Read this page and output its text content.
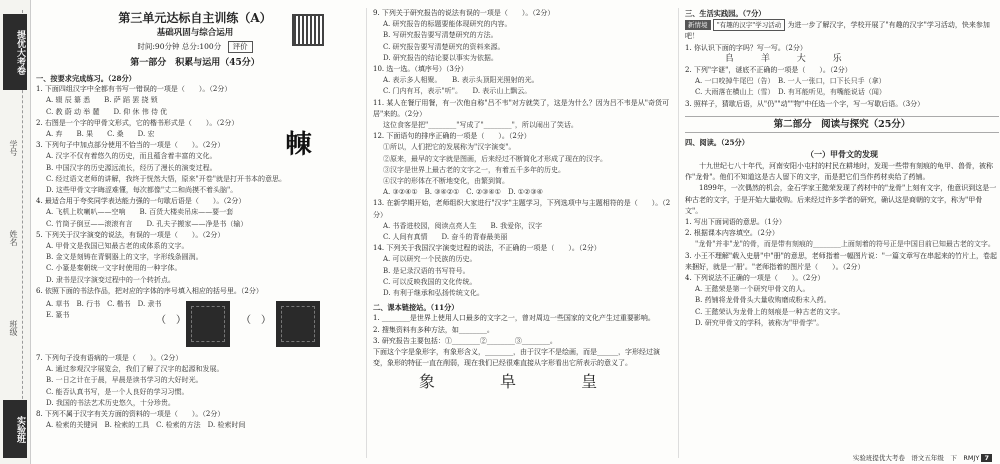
提优大考卷
学号
姓名
班级
实验班
第三单元达标自主训练（A）
基础巩固与综合运用
时间:90分钟 总分:100分 评价
第一部分　积累与运用（45分）
一、按要求完成练习。（28分）
𣌾

1. 下面四组汉字中全都有书写一错误的一项是（　　）。（2分）

A. 辍 辰 纂 悉　　B. 萨 蹈 罢 挠 锁
C. 教 蔚 动 举 麓　　D. 仰 休 伟 侍 优

2. 右图是一个字的甲骨文形式，它的楷书形式是（　　）。（2分）

A. 弃　　B. 果　　C. 桑　　D. 宏

3. 下列句子中加点部分使用不恰当的一项是（　　）。（2分）

A. 汉字不仅有着悠久的历史，而且蕴含着丰富的文化。
B. 中国汉字的历史源远流长，经历了漫长的演变过程。
C. 经过语文老师的讲解，我终于恍然大悟，原来"开卷"就是打开书本的意思。
D. 这些甲骨文字晦涩难懂，每次都像"丈二和尚摸不着头脑"。

4. 最适合用于夸奖同学表达能力强的一句歇后语是（　　）。（2分）

A. 飞机上吹喇叭——空响　　B. 百货大楼卖吊床——要一套
C. 竹筒子倒豆——滚滚有言　　D. 孔夫子搬家——净是书（输）

5. 下列关于汉字演变的说法，有误的一项是（　　）。（2分）

A. 甲骨文是我国已知最古老的成体系的文字。
B. 金文是刻铸在青铜器上的文字，字形线条圆润。
C. 小篆是秦朝统一文字时使用的一种字体。
D. 隶书是汉字演变过程中的一个转折点。

6. 依照下面的书法作品，把对应的字体的序号填入相应的括号里。（2分）

A. 草书　B. 行书　C. 楷书　D. 隶书　E. 篆书	（　）	（　）

7. 下列句子没有语病的一项是（　　）。（2分）

A. 通过参观汉字展览会，我们了解了汉字的起源和发展。
B. 一日之计在于晨，早晨是读书学习的大好时光。
C. 能否认真书写，是一个人良好的学习习惯。
D. 我国的书法艺术历史悠久，十分珍贵。

8. 下列不属于汉字有关方面的资料的一项是（　　）。（2分）

A. 检索的关键词　B. 检索的工具　C. 检索的方法　D. 检索时间

9. 下列关于研究报告的说法有误的一项是（　　）。（2分）

A. 研究报告的标题要能体现研究的内容。
B. 写研究报告要写清楚研究的方法。
C. 研究报告要写清楚研究的资料来源。
D. 研究报告的结论要以事实为依据。

10. 选一选。（填序号）（3分）

A. 表示多人相聚。　　B. 表示头顶阳光照射的光。
C. 门内有耳，表示"听"。　　D. 表示山上飘云。

11. 某人在餐厅用餐，有一次他自称"吕不韦"对方就笑了，这是为什么？因为吕不韦是从"奇货可居"来的。（2分）

这位食客是把"________"写成了"________"，所以闹出了笑话。

12. 下面语句的排序正确的一项是（　　）。（2分）

①所以，人们把它的发展称为"汉字演变"。
②原来，最早的文字就是图画，后来经过不断简化才形成了现在的汉字。
③汉字是世界上最古老的文字之一，有着五千多年的历史。
④汉字的形体在不断地变化，由繁到简。
A. ③②④①　B. ③④②①　C. ②③④①　D. ①②③④

13. 在新学期开始，老师组织大家进行"汉字"主题学习，下列选项中与主题相符的是（　　）。（2分）

A. 书香进校园，阅读点亮人生　　B. 我爱你，汉字
C. 人间有真情　　D. 奋斗的青春最美丽

14. 下列关于我国汉字演变过程的说法，不正确的一项是（　　）。（2分）

A. 可以研究一个民族的历史。
B. 是记录汉语的书写符号。
C. 可以反映我国的文化传统。
D. 有利于继承和弘扬传统文化。
二、课本链接站。（11分）

1. ________是世界上使用人口最多的文字之一，曾对周边一些国家的文化产生过重要影响。

2. 搜集资料有多种方法，如________。

3. 研究报告主要包括：①________②________③________。

下面这个字是象形字，有象形含义，________，由于汉字不是绘画，而是______，字形经过演变，象形的特征一直在削弱，现在我们已经很难直接从字形看出它所表示的意义了。

象 阜 皇
三、生活实践园。（7分）
新情境 "有趣的汉字"学习活动 为进一步了解汉字，学校开展了"有趣的汉字"学习活动，快来参加吧！

1. 你认识下面的字吗？写一写。（2分）

𠂤 羊 大 乐

2. 下列"字谜"，谜底不正确的一项是（　　）。（2分）

A. 一口咬掉牛尾巴（告）　B. 一人一张口，口下长只手（拿）
C. 大雨落在横山上（雪）　D. 有耳能听见，有嘴能说话（闻）

3. 照样子，猜歇后语，从"仍""动""物"中任选一个字，写一写歇后语。（3分）

第二部分　阅读与探究（25分）
四、阅读。（25分）
（一）甲骨文的发现

十九世纪七八十年代，河南安阳小屯村的村民在耕地时，发现一些带有刻痕的龟甲、兽骨，被称作"龙骨"。他们不知道这是古人留下的文字，而是把它们当作药材卖给了药铺。

1899年，一次偶然的机会，金石学家王懿荣发现了药材中的"龙骨"上刻有文字，他意识到这是一种古老的文字，于是开始大量收购。后来经过许多学者的研究，确认这是商朝的文字，称为"甲骨文"。

1. 写出下面词语的意思。（1分）

2. 根据课本内容填空。（2分）

"龙骨"并非"龙"的骨，而是带有刻痕的________上面刻着的符号正是中国目前已知最古老的文字。

3. 小王不理解"载入史册"中"册"的意思，老师指着一幅图片说："一篇文章写在串起来的竹片上，卷起来捆好，就是一'册'。"老师指着的图片是（　　）。（2分）

4. 下列说法不正确的一项是（　　）。（2分）

A. 王懿荣是第一个研究甲骨文的人。
B. 药铺将龙骨骨头大量收购磨成粉末入药。
C. 王懿荣认为龙骨上的刻痕是一种古老的文字。
D. 研究甲骨文的学科，被称为"甲骨学"。
实验班提优大考卷　语文五年级　下　RMJY 7
